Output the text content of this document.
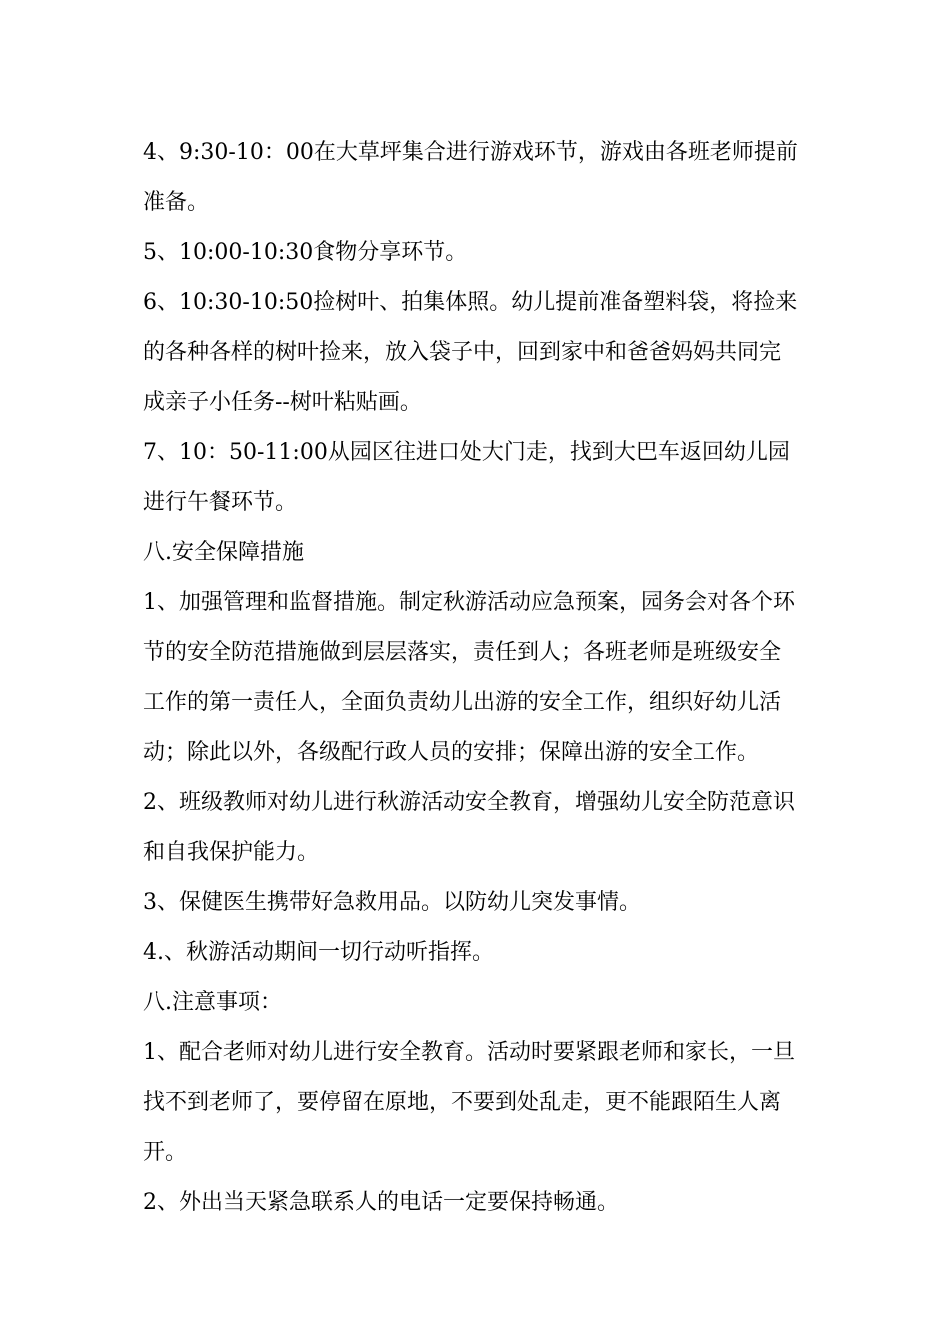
4、9:30-10：00在大草坪集合进行游戏环节，游戏由各班老师提前
准备。

5、10:00-10:30食物分享环节。

6、10:30-10:50捡树叶、拍集体照。幼儿提前准备塑料袋，将捡来
的各种各样的树叶捡来，放入袋子中，回到家中和爸爸妈妈共同完
成亲子小任务--树叶粘贴画。

7、10：50-11:00从园区往进口处大门走，找到大巴车返回幼儿园
进行午餐环节。

八.安全保障措施

1、加强管理和监督措施。制定秋游活动应急预案，园务会对各个环
节的安全防范措施做到层层落实，责任到人；各班老师是班级安全
工作的第一责任人，全面负责幼儿出游的安全工作，组织好幼儿活
动；除此以外，各级配行政人员的安排；保障出游的安全工作。

2、班级教师对幼儿进行秋游活动安全教育，增强幼儿安全防范意识
和自我保护能力。

3、保健医生携带好急救用品。以防幼儿突发事情。

4.、秋游活动期间一切行动听指挥。

八.注意事项：

1、配合老师对幼儿进行安全教育。活动时要紧跟老师和家长，一旦
找不到老师了，要停留在原地，不要到处乱走，更不能跟陌生人离
开。

2、外出当天紧急联系人的电话一定要保持畅通。
